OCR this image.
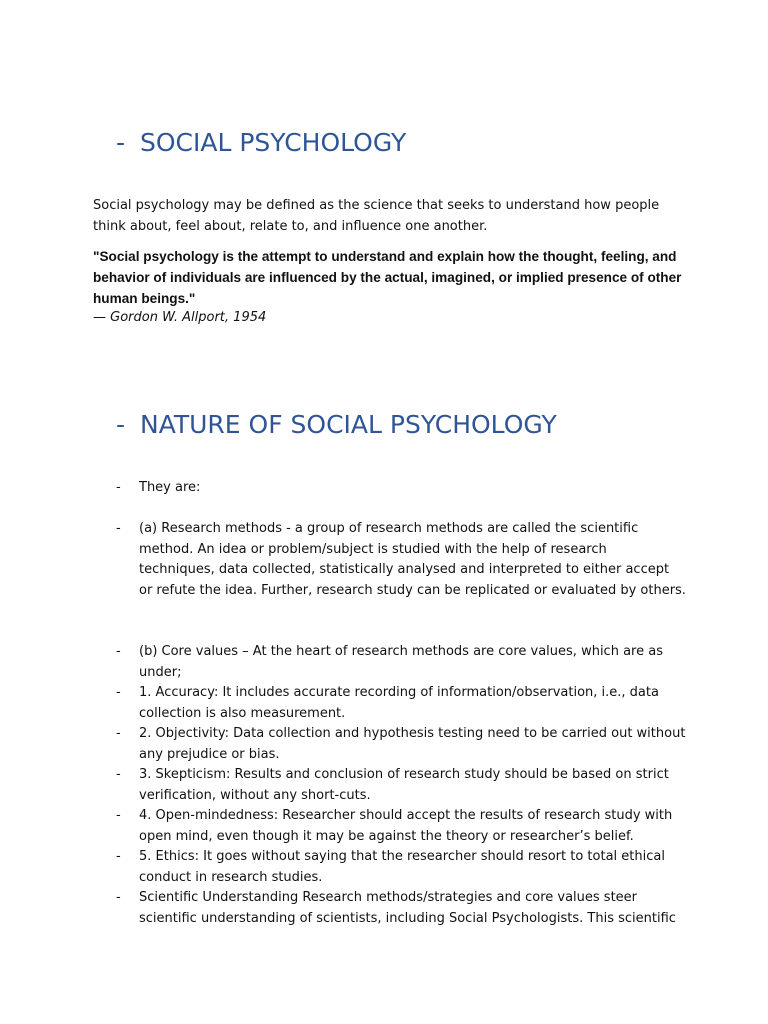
- SOCIAL PSYCHOLOGY
Social psychology may be defined as the science that seeks to understand how people think about, feel about, relate to, and influence one another.
"Social psychology is the attempt to understand and explain how the thought, feeling, and behavior of individuals are influenced by the actual, imagined, or implied presence of other human beings."
— Gordon W. Allport, 1954
- NATURE OF SOCIAL PSYCHOLOGY
- They are:
- (a) Research methods - a group of research methods are called the scientific method. An idea or problem/subject is studied with the help of research techniques, data collected, statistically analysed and interpreted to either accept or refute the idea. Further, research study can be replicated or evaluated by others.
- (b) Core values – At the heart of research methods are core values, which are as under;
- 1. Accuracy: It includes accurate recording of information/observation, i.e., data collection is also measurement.
- 2. Objectivity: Data collection and hypothesis testing need to be carried out without any prejudice or bias.
- 3. Skepticism: Results and conclusion of research study should be based on strict verification, without any short-cuts.
- 4. Open-mindedness: Researcher should accept the results of research study with open mind, even though it may be against the theory or researcher’s belief.
- 5. Ethics: It goes without saying that the researcher should resort to total ethical conduct in research studies.
- Scientific Understanding Research methods/strategies and core values steer scientific understanding of scientists, including Social Psychologists. This scientific
